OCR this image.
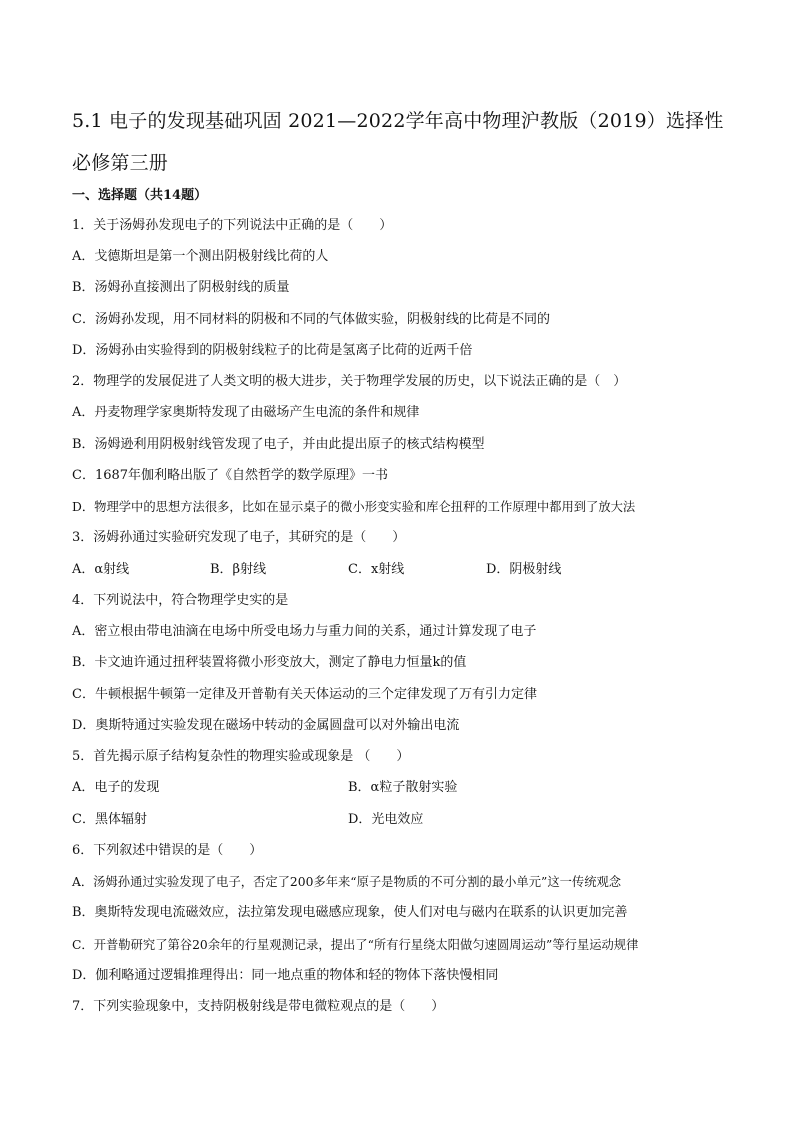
5.1 电子的发现基础巩固 2021—2022学年高中物理沪教版（2019）选择性必修第三册
一、选择题（共14题）
1．关于汤姆孙发现电子的下列说法中正确的是（　　）
A．戈德斯坦是第一个测出阴极射线比荷的人
B．汤姆孙直接测出了阴极射线的质量
C．汤姆孙发现，用不同材料的阴极和不同的气体做实验，阴极射线的比荷是不同的
D．汤姆孙由实验得到的阴极射线粒子的比荷是氢离子比荷的近两千倍
2．物理学的发展促进了人类文明的极大进步，关于物理学发展的历史，以下说法正确的是（　）
A．丹麦物理学家奥斯特发现了由磁场产生电流的条件和规律
B．汤姆逊利用阴极射线管发现了电子，并由此提出原子的核式结构模型
C．1687年伽利略出版了《自然哲学的数学原理》一书
D．物理学中的思想方法很多，比如在显示桌子的微小形变实验和库仑扭秤的工作原理中都用到了放大法
3．汤姆孙通过实验研究发现了电子，其研究的是（　　）
A．α射线	B．β射线	C．x射线	D．阴极射线
4．下列说法中，符合物理学史实的是
A．密立根由带电油滴在电场中所受电场力与重力间的关系，通过计算发现了电子
B．卡文迪许通过扭秤装置将微小形变放大，测定了静电力恒量k的值
C．牛顿根据牛顿第一定律及开普勒有关天体运动的三个定律发现了万有引力定律
D．奥斯特通过实验发现在磁场中转动的金属圆盘可以对外输出电流
5．首先揭示原子结构复杂性的物理实验或现象是 （　　）
A．电子的发现	B．α粒子散射实验
C．黑体辐射	D．光电效应
6．下列叙述中错误的是（　　）
A．汤姆孙通过实验发现了电子，否定了200多年来“原子是物质的不可分割的最小单元”这一传统观念
B．奥斯特发现电流磁效应，法拉第发现电磁感应现象，使人们对电与磁内在联系的认识更加完善
C．开普勒研究了第谷20余年的行星观测记录，提出了“所有行星绕太阳做匀速圆周运动”等行星运动规律
D．伽利略通过逻辑推理得出：同一地点重的物体和轻的物体下落快慢相同
7．下列实验现象中，支持阴极射线是带电微粒观点的是（　　）
